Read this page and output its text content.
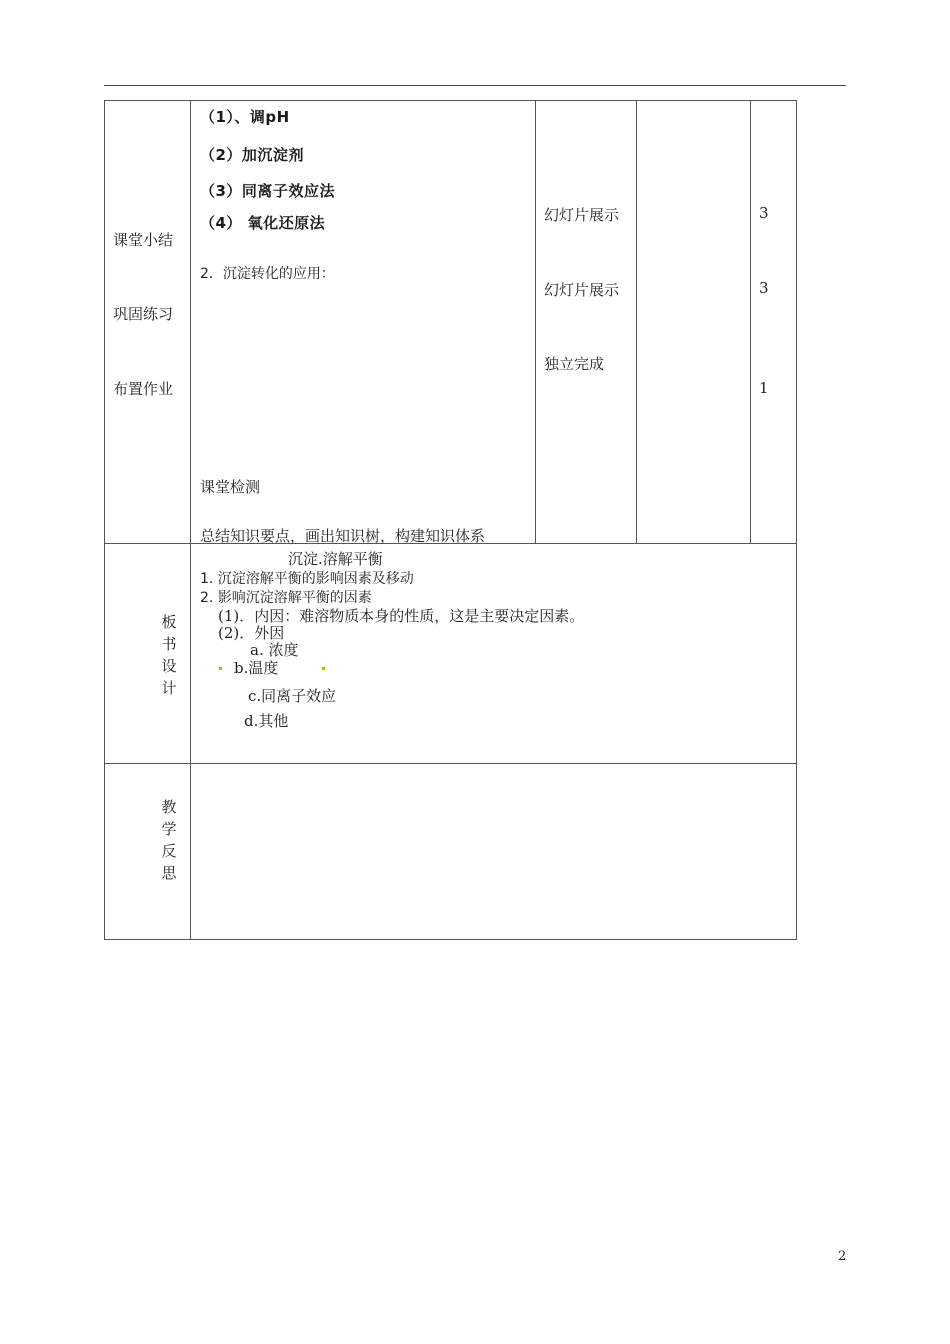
课堂小结
巩固练习
布置作业
（1）、调pH
（2）加沉淀剂
（3）同离子效应法
（4） 氧化还原法
2．沉淀转化的应用：
课堂检测
总结知识要点，画出知识树，构建知识体系
幻灯片展示
幻灯片展示
独立完成
3
3
1
板
书
设
计
沉淀.溶解平衡
1. 沉淀溶解平衡的影响因素及移动
2. 影响沉淀溶解平衡的因素
(1)．内因：难溶物质本身的性质，这是主要决定因素。
(2)．外因
a. 浓度
b.温度
c.同离子效应
d.其他
教
学
反
思
2
